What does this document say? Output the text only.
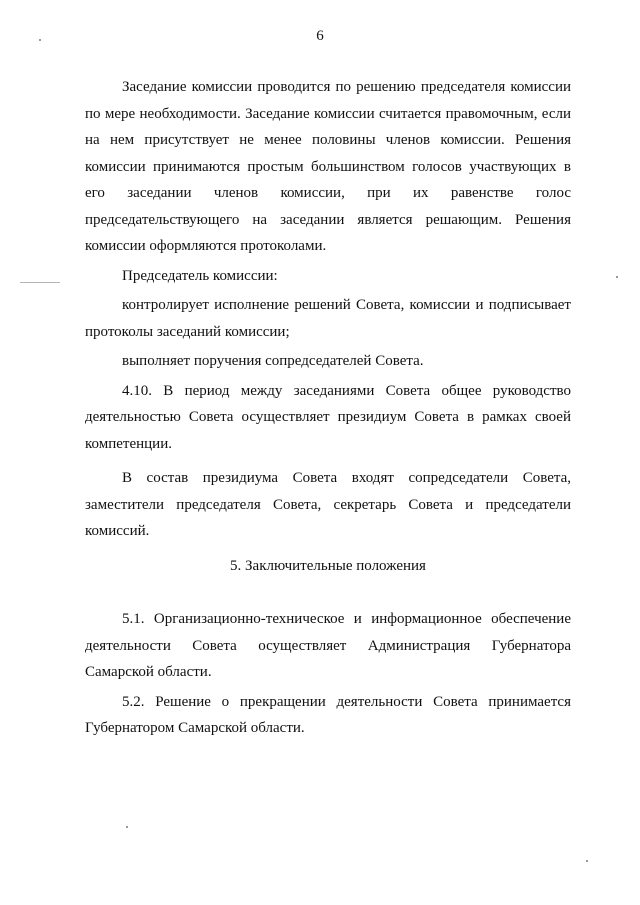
6

Заседание комиссии проводится по решению председателя комиссии по мере необходимости. Заседание комиссии считается правомочным, если на нем присутствует не менее половины членов комиссии. Решения комиссии принимаются простым большинством голосов участвующих в его заседании членов комиссии, при их равенстве голос председательствующего на заседании является решающим. Решения комиссии оформляются протоколами.

Председатель комиссии:

контролирует исполнение решений Совета, комиссии и подписывает протоколы заседаний комиссии;

выполняет поручения сопредседателей Совета.

4.10. В период между заседаниями Совета общее руководство деятельностью Совета осуществляет президиум Совета в рамках своей компетенции.

В состав президиума Совета входят сопредседатели Совета, заместители председателя Совета, секретарь Совета и председатели комиссий.

5. Заключительные положения

5.1. Организационно-техническое и информационное обеспечение деятельности Совета осуществляет Администрация Губернатора Самарской области.

5.2. Решение о прекращении деятельности Совета принимается Губернатором Самарской области.
